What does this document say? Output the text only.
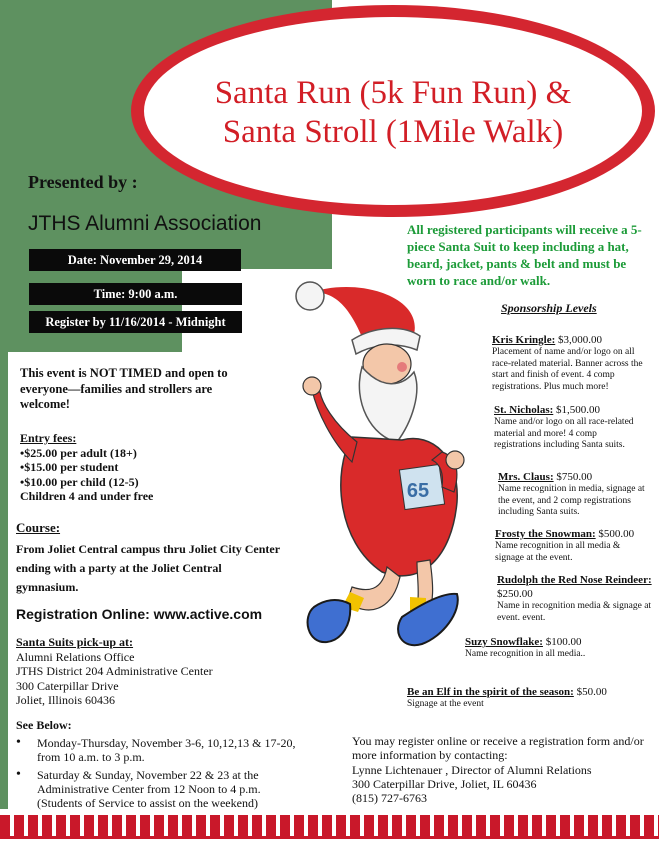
Santa Run (5k Fun Run) &
Santa Stroll (1Mile Walk)
Presented by :
JTHS Alumni Association
Date: November 29, 2014
Time: 9:00 a.m.
Register by 11/16/2014 - Midnight
This event is NOT TIMED and open to everyone—families and strollers are welcome!
Entry fees:
•$25.00 per adult (18+)
•$15.00 per student
•$10.00 per child (12-5)
Children 4 and under free
Course:
From Joliet Central campus thru Joliet City Center ending with a party at the Joliet Central gymnasium.
Registration Online: www.active.com
Santa Suits pick-up at:
Alumni Relations Office
JTHS District 204 Administrative Center
300 Caterpillar Drive
Joliet, Illinois 60436
See Below:
• Monday-Thursday, November 3-6, 10,12,13 & 17-20, from 10 a.m. to 3 p.m.
• Saturday & Sunday, November 22 & 23 at the Administrative Center from 12 Noon to 4 p.m. (Students of Service to assist on the weekend)
All registered participants will receive a 5-piece Santa Suit to keep including a hat, beard, jacket, pants & belt and must be worn to race and/or walk.
Sponsorship Levels
Kris Kringle: $3,000.00
Placement of name and/or logo on all race-related material. Banner across the start and finish of event. 4 comp registrations. Plus much more!
St. Nicholas: $1,500.00
Name and/or logo on all race-related material and more! 4 comp registrations including Santa suits.
Mrs. Claus: $750.00
Name recognition in media, signage at the event, and 2 comp registrations including Santa suits.
Frosty the Snowman: $500.00
Name recognition in all media & signage at the event.
Rudolph the Red Nose Reindeer:
$250.00
Name in recognition media & signage at event. event.
Suzy Snowflake: $100.00
Name recognition in all media..
Be an Elf in the spirit of the season: $50.00
Signage at the event
You may register online or receive a registration form and/or more information by contacting:
Lynne Lichtenauer , Director of Alumni Relations
300 Caterpillar Drive, Joliet, IL 60436
(815) 727-6763
65
